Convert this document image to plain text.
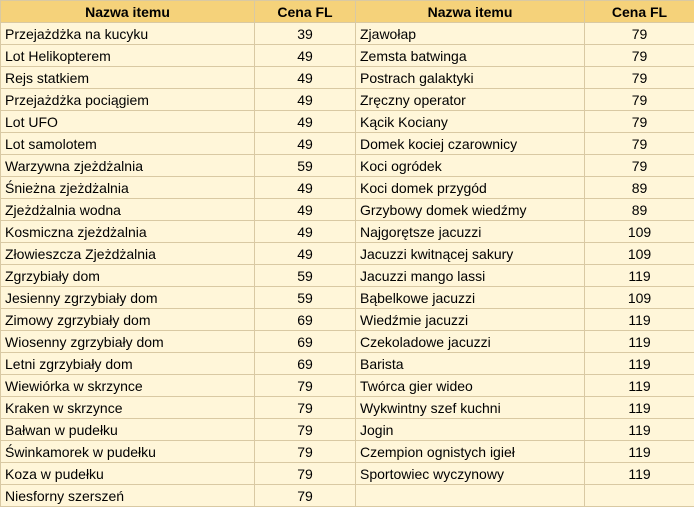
Nazwa itemu	Cena FL
Przejażdżka na kucyku	39
Lot Helikopterem	49
Rejs statkiem	49
Przejażdżka pociągiem	49
Lot UFO	49
Lot samolotem	49
Warzywna zjeżdżalnia	59
Śnieżna zjeżdżalnia	49
Zjeżdżalnia wodna	49
Kosmiczna zjeżdżalnia	49
Złowieszcza Zjeżdżalnia	49
Zgrzybiały dom	59
Jesienny zgrzybiały dom	59
Zimowy zgrzybiały dom	69
Wiosenny zgrzybiały dom	69
Letni zgrzybiały dom	69
Wiewiórka w skrzynce	79
Kraken w skrzynce	79
Bałwan w pudełku	79
Świnkamorek w pudełku	79
Koza w pudełku	79
Niesforny szerszeń	79
Nazwa itemu	Cena FL
Zjawołap	79
Zemsta batwinga	79
Postrach galaktyki	79
Zręczny operator	79
Kącik Kociany	79
Domek kociej czarownicy	79
Koci ogródek	79
Koci domek przygód	89
Grzybowy domek wiedźmy	89
Najgorętsze jacuzzi	109
Jacuzzi kwitnącej sakury	109
Jacuzzi mango lassi	119
Bąbelkowe jacuzzi	109
Wiedźmie jacuzzi	119
Czekoladowe jacuzzi	119
Barista	119
Twórca gier wideo	119
Wykwintny szef kuchni	119
Jogin	119
Czempion ognistych igieł	119
Sportowiec wyczynowy	119
